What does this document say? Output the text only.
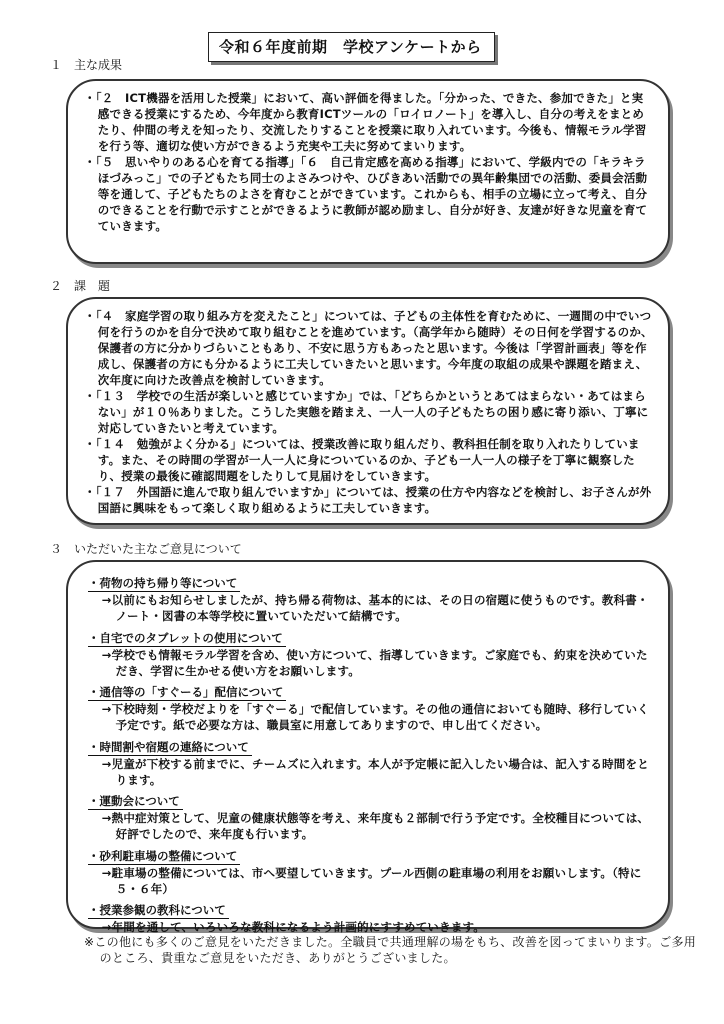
令和６年度前期　学校アンケートから
１　主な成果

・「２　ICT機器を活用した授業」において、高い評価を得ました。「分かった、できた、参加できた」と実感できる授業にするため、今年度から教育ICTツールの「ロイロノート」を導入し、自分の考えをまとめたり、仲間の考えを知ったり、交流したりすることを授業に取り入れています。今後も、情報モラル学習を行う等、適切な使い方ができるよう充実や工夫に努めてまいります。

・「５　思いやりのある心を育てる指導」「６　自己肯定感を高める指導」において、学級内での「キラキラほづみっこ」での子どもたち同士のよさみつけや、ひびきあい活動での異年齢集団での活動、委員会活動等を通して、子どもたちのよさを育むことができています。これからも、相手の立場に立って考え、自分のできることを行動で示すことができるように教師が認め励まし、自分が好き、友達が好きな児童を育てていきます。

２　課　題

・「４　家庭学習の取り組み方を変えたこと」については、子どもの主体性を育むために、一週間の中でいつ何を行うのかを自分で決めて取り組むことを進めています。（高学年から随時）その日何を学習するのか、保護者の方に分かりづらいこともあり、不安に思う方もあったと思います。今後は「学習計画表」等を作成し、保護者の方にも分かるように工夫していきたいと思います。今年度の取組の成果や課題を踏まえ、次年度に向けた改善点を検討していきます。

・「１３　学校での生活が楽しいと感じていますか」では、「どちらかというとあてはまらない・あてはまらない」が１０％ありました。こうした実態を踏まえ、一人一人の子どもたちの困り感に寄り添い、丁寧に対応していきたいと考えています。

・「１４　勉強がよく分かる」については、授業改善に取り組んだり、教科担任制を取り入れたりしています。また、その時間の学習が一人一人に身についているのか、子ども一人一人の様子を丁寧に観察したり、授業の最後に確認問題をしたりして見届けをしていきます。

・「１７　外国語に進んで取り組んでいますか」については、授業の仕方や内容などを検討し、お子さんが外国語に興味をもって楽しく取り組めるように工夫していきます。

３　いただいた主なご意見について
・荷物の持ち帰り等について

→以前にもお知らせしましたが、持ち帰る荷物は、基本的には、その日の宿題に使うものです。教科書・ノート・図書の本等学校に置いていただいて結構です。

・自宅でのタブレットの使用について

→学校でも情報モラル学習を含め、使い方について、指導していきます。ご家庭でも、約束を決めていただき、学習に生かせる使い方をお願いします。

・通信等の「すぐーる」配信について

→下校時刻・学校だよりを「すぐーる」で配信しています。その他の通信においても随時、移行していく予定です。紙で必要な方は、職員室に用意してありますので、申し出てください。

・時間割や宿題の連絡について

→児童が下校する前までに、チームズに入れます。本人が予定帳に記入したい場合は、記入する時間をとります。

・運動会について

→熱中症対策として、児童の健康状態等を考え、来年度も２部制で行う予定です。全校種目については、好評でしたので、来年度も行います。

・砂利駐車場の整備について

→駐車場の整備については、市へ要望していきます。プール西側の駐車場の利用をお願いします。（特に５・６年）

・授業参観の教科について

→年間を通して、いろいろな教科になるよう計画的にすすめていきます。

※この他にも多くのご意見をいただきました。全職員で共通理解の場をもち、改善を図ってまいります。ご多用のところ、貴重なご意見をいただき、ありがとうございました。
